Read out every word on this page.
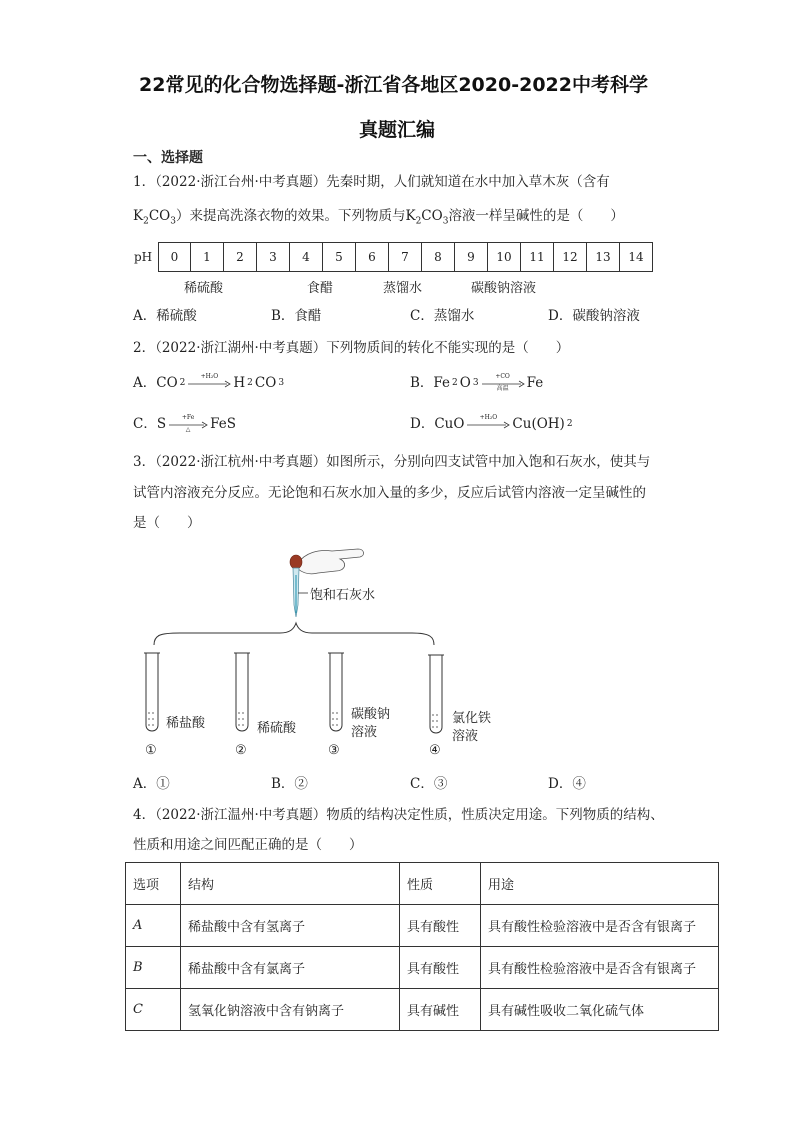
22常见的化合物选择题-浙江省各地区2020-2022中考科学
真题汇编
一、选择题
1．（2022·浙江台州·中考真题）先秦时期，人们就知道在水中加入草木灰（含有
$K_2CO_3$）来提高洗涤衣物的效果。下列物质与$K_2CO_3$溶液一样呈碱性的是（　　）
pH	0	1	2	3	4	5	6	7	8	9	10	11	12	13	14
稀硫酸	食醋	蒸馏水	碳酸钠溶液
A．稀硫酸	B．食醋	C．蒸馏水	D．碳酸钠溶液
2．（2022·浙江湖州·中考真题）下列物质间的转化不能实现的是（　　）
A．CO 2
+H₂O	H 2 CO 3	B．Fe 2 O 3
+CO
高温	Fe
C．S	+Fe
△	FeS	D．CuO	+H₂O	Cu(OH) 2
3．（2022·浙江杭州·中考真题）如图所示，分别向四支试管中加入饱和石灰水，使其与
试管内溶液充分反应。无论饱和石灰水加入量的多少，反应后试管内溶液一定呈碱性的
是（　　）
饱和石灰水
稀盐酸	稀硫酸
碳酸钠
溶液
氯化铁
溶液
①	②	③	④
A．①	B．②	C．③	D．④
4．（2022·浙江温州·中考真题）物质的结构决定性质，性质决定用途。下列物质的结构、
性质和用途之间匹配正确的是（　　）
选项	结构	性质	用途
A	稀盐酸中含有氢离子	具有酸性	具有酸性检验溶液中是否含有银离子
B	稀盐酸中含有氯离子	具有酸性	具有酸性检验溶液中是否含有银离子
C	氢氧化钠溶液中含有钠离子	具有碱性	具有碱性吸收二氧化硫气体
